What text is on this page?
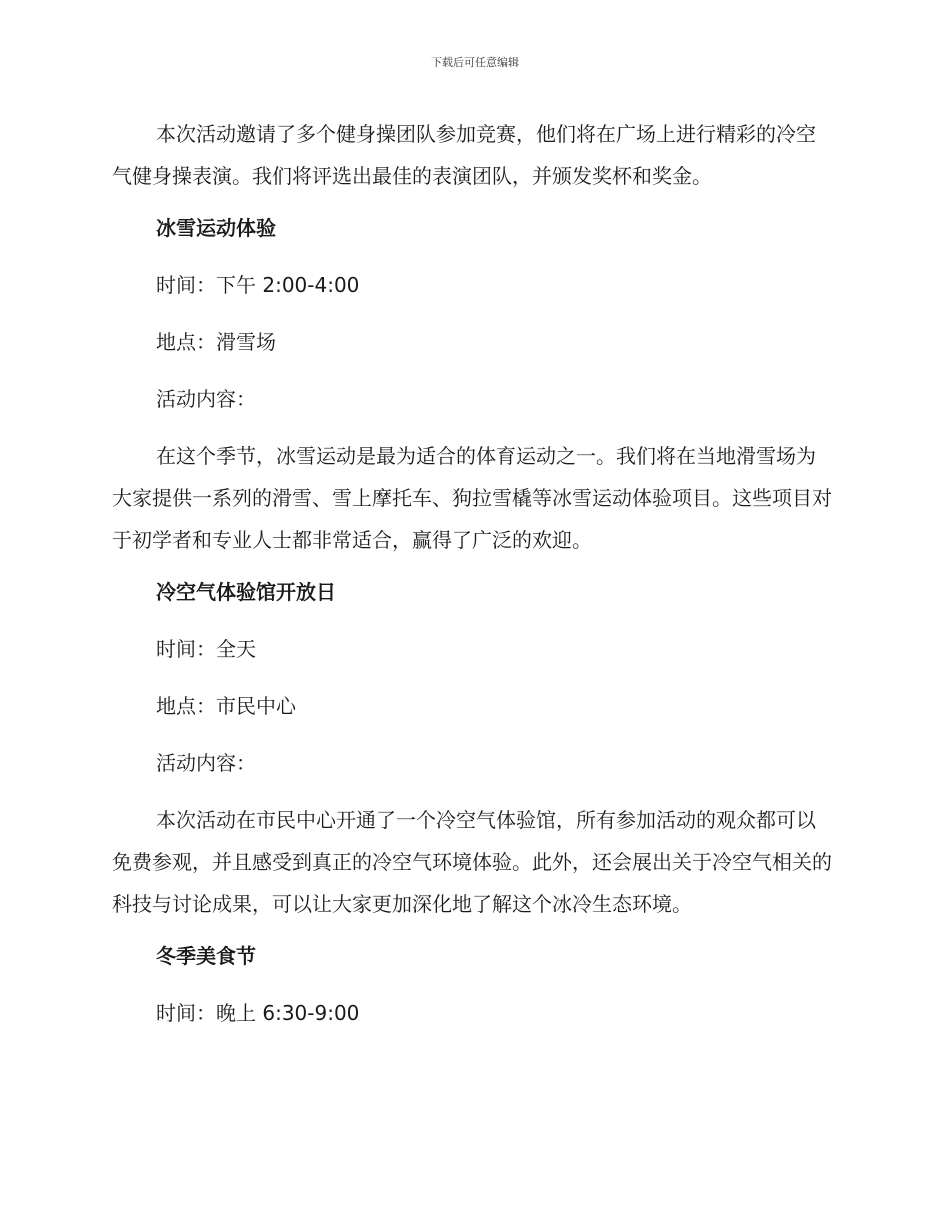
下载后可任意编辑

本次活动邀请了多个健身操团队参加竞赛，他们将在广场上进行精彩的冷空气健身操表演。我们将评选出最佳的表演团队，并颁发奖杯和奖金。

冰雪运动体验

时间：下午 2:00-4:00

地点：滑雪场

活动内容：

在这个季节，冰雪运动是最为适合的体育运动之一。我们将在当地滑雪场为大家提供一系列的滑雪、雪上摩托车、狗拉雪橇等冰雪运动体验项目。这些项目对于初学者和专业人士都非常适合，赢得了广泛的欢迎。

冷空气体验馆开放日

时间：全天

地点：市民中心

活动内容：

本次活动在市民中心开通了一个冷空气体验馆，所有参加活动的观众都可以免费参观，并且感受到真正的冷空气环境体验。此外，还会展出关于冷空气相关的科技与讨论成果，可以让大家更加深化地了解这个冰冷生态环境。

冬季美食节

时间：晚上 6:30-9:00
